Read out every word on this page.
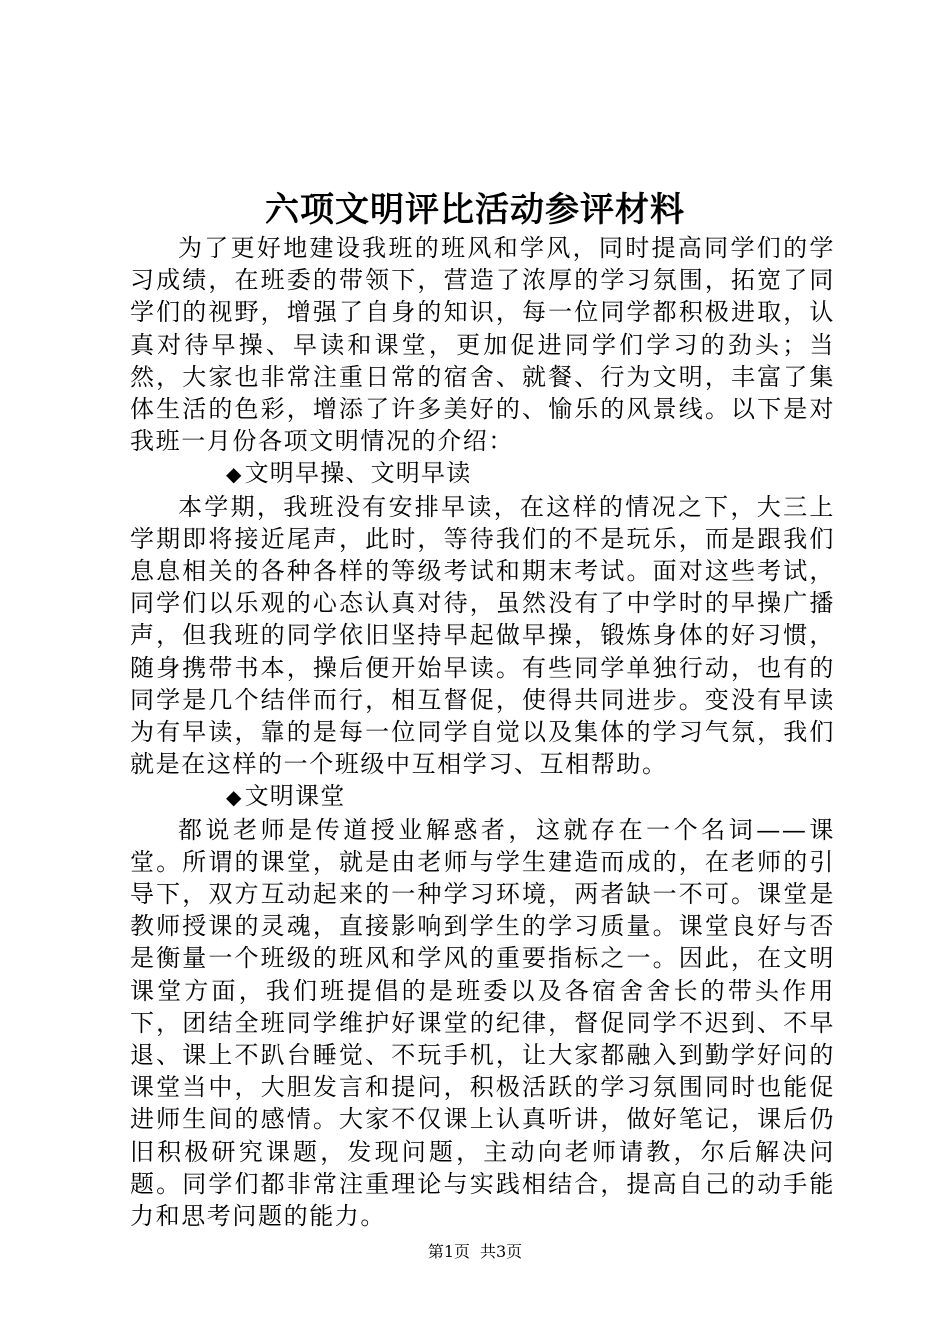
六项文明评比活动参评材料

为了更好地建设我班的班风和学风，同时提高同学们的学习成绩，在班委的带领下，营造了浓厚的学习氛围，拓宽了同学们的视野，增强了自身的知识，每一位同学都积极进取，认真对待早操、早读和课堂，更加促进同学们学习的劲头；当然，大家也非常注重日常的宿舍、就餐、行为文明，丰富了集体生活的色彩，增添了许多美好的、愉乐的风景线。以下是对我班一月份各项文明情况的介绍：

◆文明早操、文明早读

本学期，我班没有安排早读，在这样的情况之下，大三上学期即将接近尾声，此时，等待我们的不是玩乐，而是跟我们息息相关的各种各样的等级考试和期末考试。面对这些考试，同学们以乐观的心态认真对待，虽然没有了中学时的早操广播声，但我班的同学依旧坚持早起做早操，锻炼身体的好习惯，随身携带书本，操后便开始早读。有些同学单独行动，也有的同学是几个结伴而行，相互督促，使得共同进步。变没有早读为有早读，靠的是每一位同学自觉以及集体的学习气氛，我们就是在这样的一个班级中互相学习、互相帮助。

◆文明课堂

都说老师是传道授业解惑者，这就存在一个名词——课堂。所谓的课堂，就是由老师与学生建造而成的，在老师的引导下，双方互动起来的一种学习环境，两者缺一不可。课堂是教师授课的灵魂，直接影响到学生的学习质量。课堂良好与否是衡量一个班级的班风和学风的重要指标之一。因此，在文明课堂方面，我们班提倡的是班委以及各宿舍舍长的带头作用下，团结全班同学维护好课堂的纪律，督促同学不迟到、不早退、课上不趴台睡觉、不玩手机，让大家都融入到勤学好问的课堂当中，大胆发言和提问，积极活跃的学习氛围同时也能促进师生间的感情。大家不仅课上认真听讲，做好笔记，课后仍旧积极研究课题，发现问题，主动向老师请教，尔后解决问题。同学们都非常注重理论与实践相结合，提高自己的动手能力和思考问题的能力。

第1页 共3页
